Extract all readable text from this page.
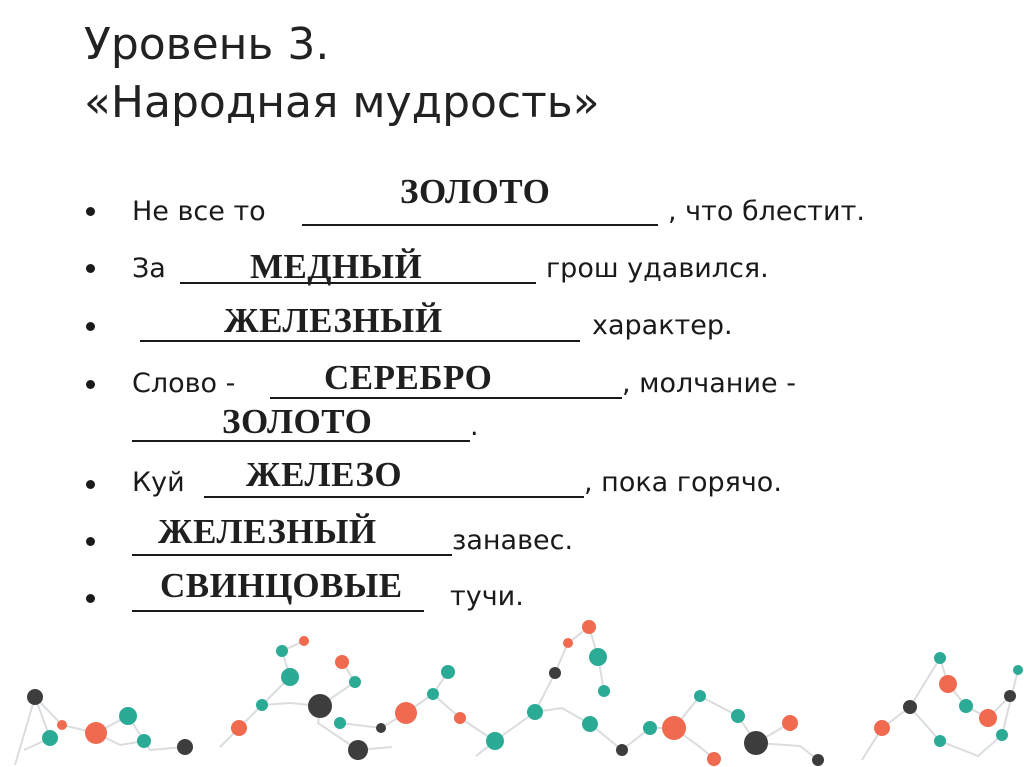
Уровень 3.
«Народная мудрость»
Не все то
ЗОЛОТО
, что блестит.
За МЕДНЫЙ	грош удавился.
ЖЕЛЕЗНЫЙ	характер.
Слово -	СЕРЕБРО	, молчание -
ЗОЛОТО	.
Куй ЖЕЛЕЗО	, пока горячо.
ЖЕЛЕЗНЫЙ	занавес.
СВИНЦОВЫЕ тучи.
